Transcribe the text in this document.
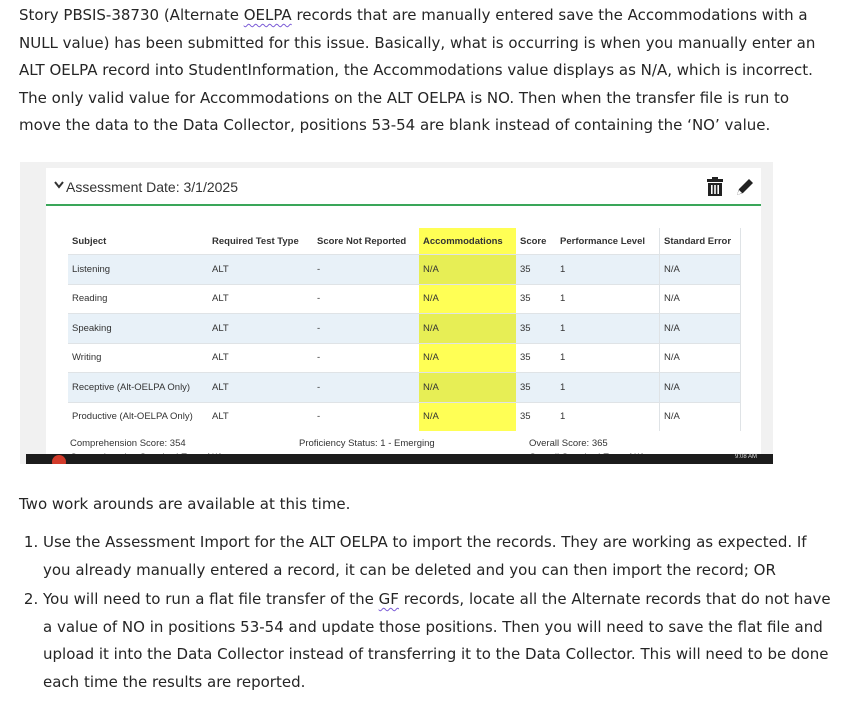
Story PBSIS-38730 (Alternate OELPA records that are manually entered save the Accommodations with a
NULL value) has been submitted for this issue. Basically, what is occurring is when you manually enter an
ALT OELPA record into StudentInformation, the Accommodations value displays as N/A, which is incorrect.
The only valid value for Accommodations on the ALT OELPA is NO. Then when the transfer file is run to
move the data to the Data Collector, positions 53-54 are blank instead of containing the ‘NO’ value.
Assessment Date: 3/1/2025
Subject	Required Test Type	Score Not Reported	Accommodations	Score	Performance Level	Standard Error
Listening	ALT	-	N/A	35	1	N/A
Reading	ALT	-	N/A	35	1	N/A
Speaking	ALT	-	N/A	35	1	N/A
Writing	ALT	-	N/A	35	1	N/A
Receptive (Alt-OELPA Only)	ALT	-	N/A	35	1	N/A
Productive (Alt-OELPA Only)	ALT	-	N/A	35	1	N/A
Comprehension Score: 354	Proficiency Status: 1 - Emerging	Overall Score: 365
9:08 AM
Two work arounds are available at this time.
1. Use the Assessment Import for the ALT OELPA to import the records. They are working as expected. If you already manually entered a record, it can be deleted and you can then import the record; OR
2. You will need to run a flat file transfer of the GF records, locate all the Alternate records that do not have a value of NO in positions 53-54 and update those positions. Then you will need to save the flat file and upload it into the Data Collector instead of transferring it to the Data Collector. This will need to be done each time the results are reported.
